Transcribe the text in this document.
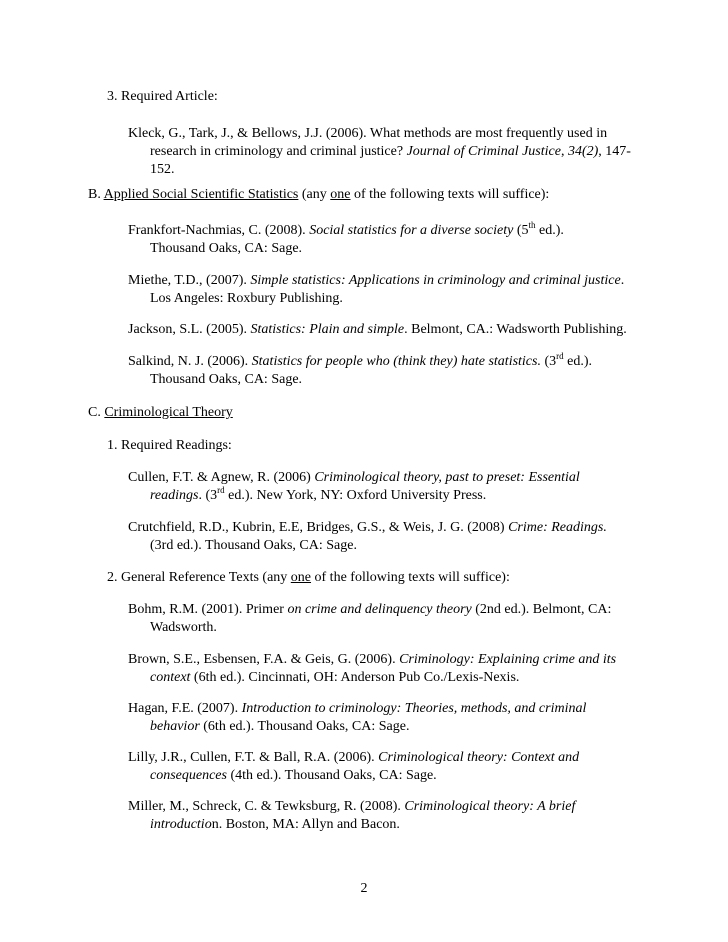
3. Required Article:
Kleck, G., Tark, J., & Bellows, J.J. (2006). What methods are most frequently used in
research in criminology and criminal justice? Journal of Criminal Justice, 34(2), 147-
152.
B. Applied Social Scientific Statistics (any one of the following texts will suffice):
Frankfort-Nachmias, C. (2008). Social statistics for a diverse society (5th ed.).
Thousand Oaks, CA: Sage.
Miethe, T.D., (2007). Simple statistics: Applications in criminology and criminal justice.
Los Angeles: Roxbury Publishing.
Jackson, S.L. (2005). Statistics: Plain and simple. Belmont, CA.: Wadsworth Publishing.
Salkind, N. J. (2006). Statistics for people who (think they) hate statistics. (3rd ed.).
Thousand Oaks, CA: Sage.
C. Criminological Theory
1. Required Readings:
Cullen, F.T. & Agnew, R. (2006) Criminological theory, past to preset: Essential
readings. (3rd ed.). New York, NY: Oxford University Press.
Crutchfield, R.D., Kubrin, E.E, Bridges, G.S., & Weis, J. G. (2008) Crime: Readings.
(3rd ed.). Thousand Oaks, CA: Sage.
2. General Reference Texts (any one of the following texts will suffice):
Bohm, R.M. (2001). Primer on crime and delinquency theory (2nd ed.). Belmont, CA:
Wadsworth.
Brown, S.E., Esbensen, F.A. & Geis, G. (2006). Criminology: Explaining crime and its
context (6th ed.). Cincinnati, OH: Anderson Pub Co./Lexis-Nexis.
Hagan, F.E. (2007). Introduction to criminology: Theories, methods, and criminal
behavior (6th ed.). Thousand Oaks, CA: Sage.
Lilly, J.R., Cullen, F.T. & Ball, R.A. (2006). Criminological theory: Context and
consequences (4th ed.). Thousand Oaks, CA: Sage.
Miller, M., Schreck, C. & Tewksburg, R. (2008). Criminological theory: A brief
introduction. Boston, MA: Allyn and Bacon.
2
